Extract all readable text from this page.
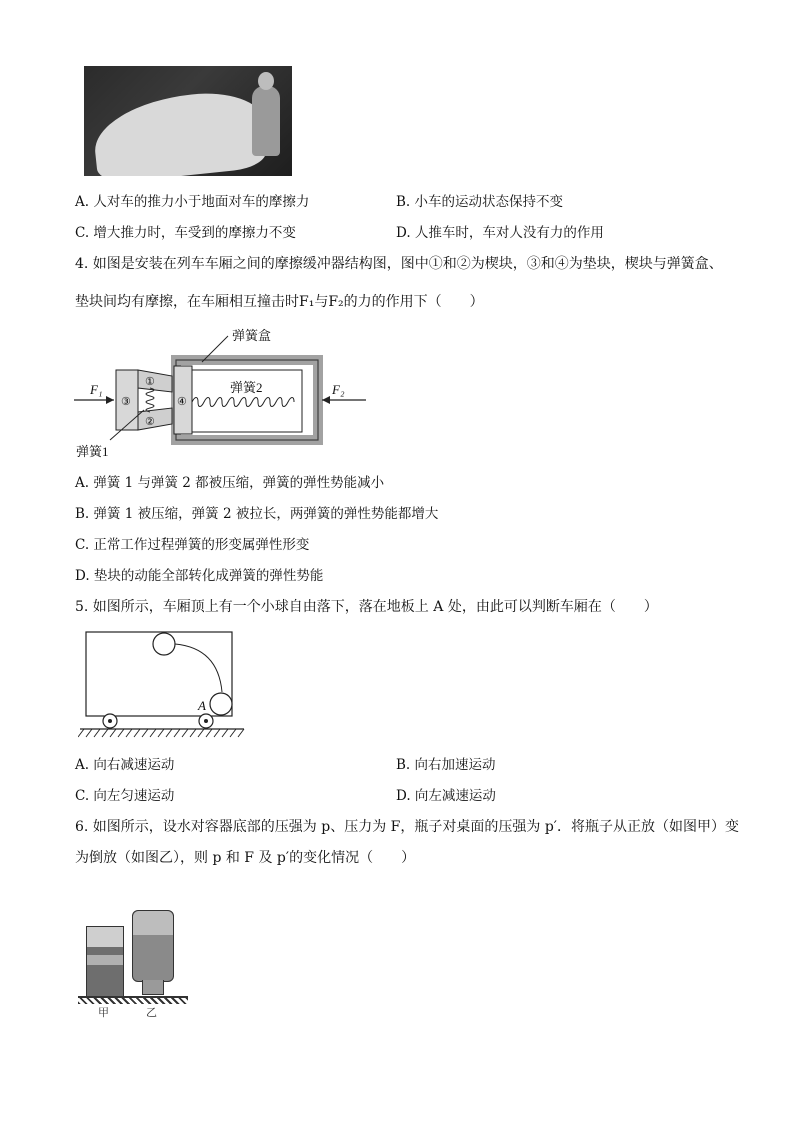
A. 人对车的推力小于地面对车的摩擦力	B. 小车的运动状态保持不变
C. 增大推力时，车受到的摩擦力不变	D. 人推车时，车对人没有力的作用
4. 如图是安装在列车车厢之间的摩擦缓冲器结构图，图中①和②为楔块，③和④为垫块，楔块与弹簧盒、
垫块间均有摩擦，在车厢相互撞击时F₁与F₂的力的作用下（　　）
弹簧盒
弹簧2
弹簧1
F₁	F₂
①
②
③	④
A. 弹簧 1 与弹簧 2 都被压缩，弹簧的弹性势能减小
B. 弹簧 1 被压缩，弹簧 2 被拉长，两弹簧的弹性势能都增大
C. 正常工作过程弹簧的形变属弹性形变
D. 垫块的动能全部转化成弹簧的弹性势能
5. 如图所示，车厢顶上有一个小球自由落下，落在地板上 A 处，由此可以判断车厢在（　　）
A
A. 向右减速运动	B. 向右加速运动
C. 向左匀速运动	D. 向左减速运动
6. 如图所示，设水对容器底部的压强为 p、压力为 F，瓶子对桌面的压强为 p′．将瓶子从正放（如图甲）变
为倒放（如图乙），则 p 和 F 及 p′的变化情况（　　）
甲	乙
